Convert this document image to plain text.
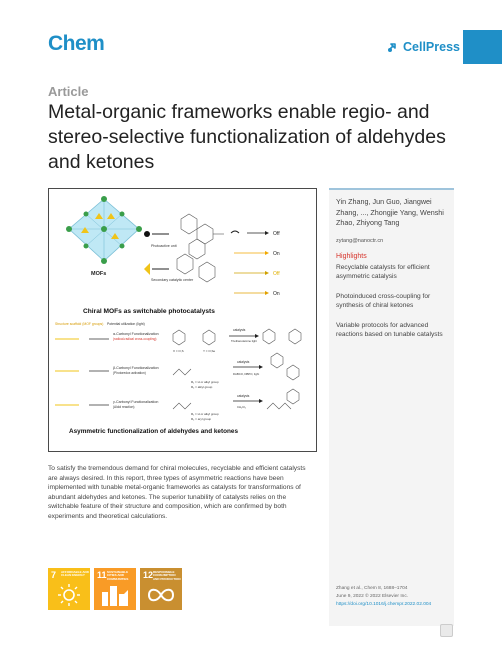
Chem	CellPress
Article
Metal-organic frameworks enable regio- and stereo-selective functionalization of aldehydes and ketones
MOFs
Photoactive unit
Secondary catalytic center
Off
On
Off
On
Chiral MOFs as switchable photocatalysts
Structure scaffold (MOF groups) Potential utilization (light)
α-Carbonyl Functionalization
(radical-radical cross-coupling)
X = O,S	Y = O,Se
catalysts
Triethanolamine light
β-Carbonyl Functionalization
(Photoredox activation)
R₁ = H or alkyl group
R₂ = alkyl group
catalysts
DABCO, DBPO, light
γ-Carbonyl Functionalization
(Aldol reaction)
R₁ = H or alkyl group
R₂ = aryl group
catalysts
CH₂Cl₂
Asymmetric functionalization of aldehydes and ketones
Yin Zhang, Jun Guo, Jiangwei Zhang, ..., Zhongjie Yang, Wenshi Zhao, Zhiyong Tang
zytang@nanoctr.cn
Highlights
Recyclable catalysts for efficient asymmetric catalysis
Photoinduced cross-coupling for synthesis of chiral ketones
Variable protocols for advanced reactions based on tunable catalysts
Zhang et al., Chem 8, 1688–1704
June 9, 2022 © 2022 Elsevier Inc.
https://doi.org/10.1016/j.chempr.2022.02.004

To satisfy the tremendous demand for chiral molecules, recyclable and efficient catalysts are always desired. In this report, three types of asymmetric reactions have been implemented with tunable metal-organic frameworks as catalysts for transformations of abundant aldehydes and ketones. The superior tunability of catalysts relies on the switchable feature of their structure and composition, which are confirmed by both experiments and theoretical calculations.

7 AFFORDABLE AND CLEAN ENERGY	11 SUSTAINABLE CITIES AND COMMUNITIES	12 RESPONSIBLE CONSUMPTION AND PRODUCTION
